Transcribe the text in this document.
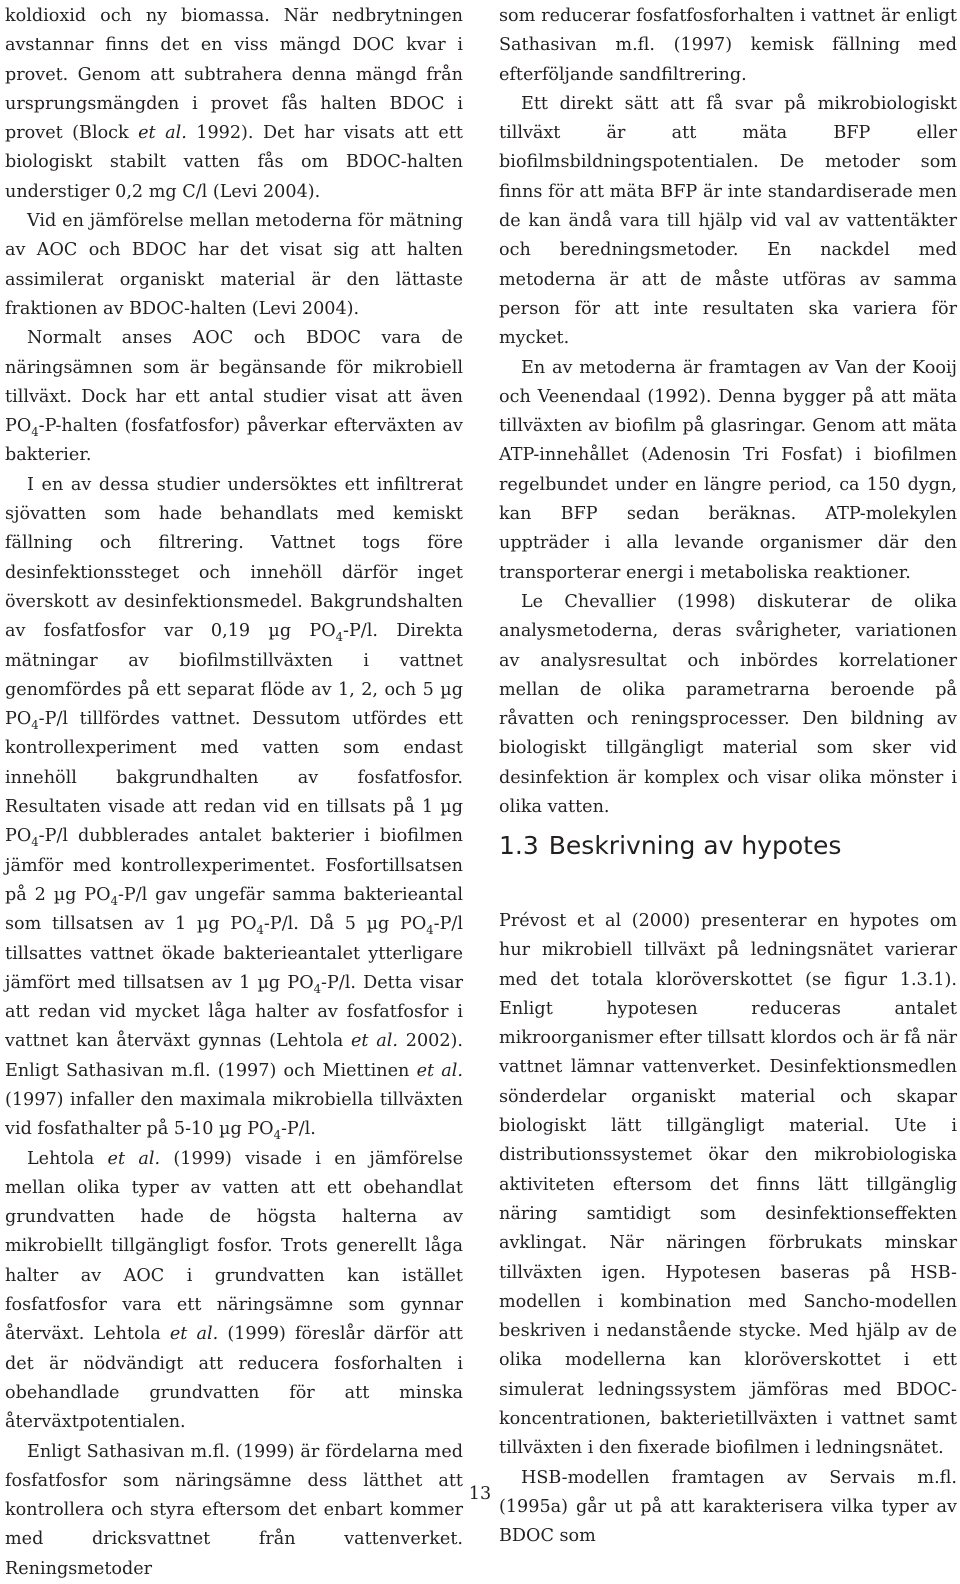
koldioxid och ny biomassa. När nedbrytningen avstannar finns det en viss mängd DOC kvar i provet. Genom att subtrahera denna mängd från ursprungsmängden i provet fås halten BDOC i provet (Block et al. 1992). Det har visats att ett biologiskt stabilt vatten fås om BDOC-halten understiger 0,2 mg C/l (Levi 2004).

Vid en jämförelse mellan metoderna för mätning av AOC och BDOC har det visat sig att halten assimilerat organiskt material är den lättaste fraktionen av BDOC-halten (Levi 2004).

Normalt anses AOC och BDOC vara de näringsämnen som är begänsande för mikrobiell tillväxt. Dock har ett antal studier visat att även $PO_4-P$-halten (fosfatfosfor) påverkar efterväxten av bakterier.

I en av dessa studier undersöktes ett infiltrerat sjövatten som hade behandlats med kemiskt fällning och filtrering. Vattnet togs före desinfektionssteget och innehöll därför inget överskott av desinfektionsmedel. Bakgrundshalten av fosfatfosfor var 0,19 µg $PO_4-P/l$. Direkta mätningar av biofilmstillväxten i vattnet genomfördes på ett separat flöde av 1, 2, och 5 µg $PO_4-P/l$ tillfördes vattnet. Dessutom utfördes ett kontrollexperiment med vatten som endast innehöll bakgrundhalten av fosfatfosfor. Resultaten visade att redan vid en tillsats på 1 µg $PO_4-P/l$ dubblerades antalet bakterier i biofilmen jämför med kontrollexperimentet. Fosfortillsatsen på 2 µg $PO_4-P/l$ gav ungefär samma bakterieantal som tillsatsen av 1 µg $PO_4-P/l$. Då 5 µg $PO_4-P/l$ tillsattes vattnet ökade bakterieantalet ytterligare jämfört med tillsatsen av 1 µg $PO_4-P/l$. Detta visar att redan vid mycket låga halter av fosfatfosfor i vattnet kan återväxt gynnas (Lehtola et al. 2002). Enligt Sathasivan m.fl. (1997) och Miettinen et al. (1997) infaller den maximala mikrobiella tillväxten vid fosfathalter på 5-10 µg $PO_4-P/l$.

Lehtola et al. (1999) visade i en jämförelse mellan olika typer av vatten att ett obehandlat grundvatten hade de högsta halterna av mikrobiellt tillgängligt fosfor. Trots generellt låga halter av AOC i grundvatten kan istället fosfatfosfor vara ett näringsämne som gynnar återväxt. Lehtola et al. (1999) föreslår därför att det är nödvändigt att reducera fosforhalten i obehandlade grundvatten för att minska återväxtpotentialen.

Enligt Sathasivan m.fl. (1999) är fördelarna med fosfatfosfor som näringsämne dess lätthet att kontrollera och styra eftersom det enbart kommer med dricksvattnet från vattenverket. Reningsmetoder

som reducerar fosfatfosforhalten i vattnet är enligt Sathasivan m.fl. (1997) kemisk fällning med efterföljande sandfiltrering.

Ett direkt sätt att få svar på mikrobiologiskt tillväxt är att mäta BFP eller biofilmsbildningspotentialen. De metoder som finns för att mäta BFP är inte standardiserade men de kan ändå vara till hjälp vid val av vattentäkter och beredningsmetoder. En nackdel med metoderna är att de måste utföras av samma person för att inte resultaten ska variera för mycket.

En av metoderna är framtagen av Van der Kooij och Veenendaal (1992). Denna bygger på att mäta tillväxten av biofilm på glasringar. Genom att mäta ATP-innehållet (Adenosin Tri Fosfat) i biofilmen regelbundet under en längre period, ca 150 dygn, kan BFP sedan beräknas. ATP-molekylen uppträder i alla levande organismer där den transporterar energi i metaboliska reaktioner.

Le Chevallier (1998) diskuterar de olika analysmetoderna, deras svårigheter, variationen av analysresultat och inbördes korrelationer mellan de olika parametrarna beroende på råvatten och reningsprocesser. Den bildning av biologiskt tillgängligt material som sker vid desinfektion är komplex och visar olika mönster i olika vatten.

1.3 Beskrivning av hypotes

Prévost et al (2000) presenterar en hypotes om hur mikrobiell tillväxt på ledningsnätet varierar med det totala kloröverskottet (se figur 1.3.1). Enligt hypotesen reduceras antalet mikroorganismer efter tillsatt klordos och är få när vattnet lämnar vattenverket. Desinfektionsmedlen sönderdelar organiskt material och skapar biologiskt lätt tillgängligt material. Ute i distributionssystemet ökar den mikrobiologiska aktiviteten eftersom det finns lätt tillgänglig näring samtidigt som desinfektionseffekten avklingat. När näringen förbrukats minskar tillväxten igen. Hypotesen baseras på HSB-modellen i kombination med Sancho-modellen beskriven i nedanstående stycke. Med hjälp av de olika modellerna kan kloröverskottet i ett simulerat ledningssystem jämföras med BDOC-koncentrationen, bakterietillväxten i vattnet samt tillväxten i den fixerade biofilmen i ledningsnätet.

HSB-modellen framtagen av Servais m.fl. (1995a) går ut på att karakterisera vilka typer av BDOC som

13
